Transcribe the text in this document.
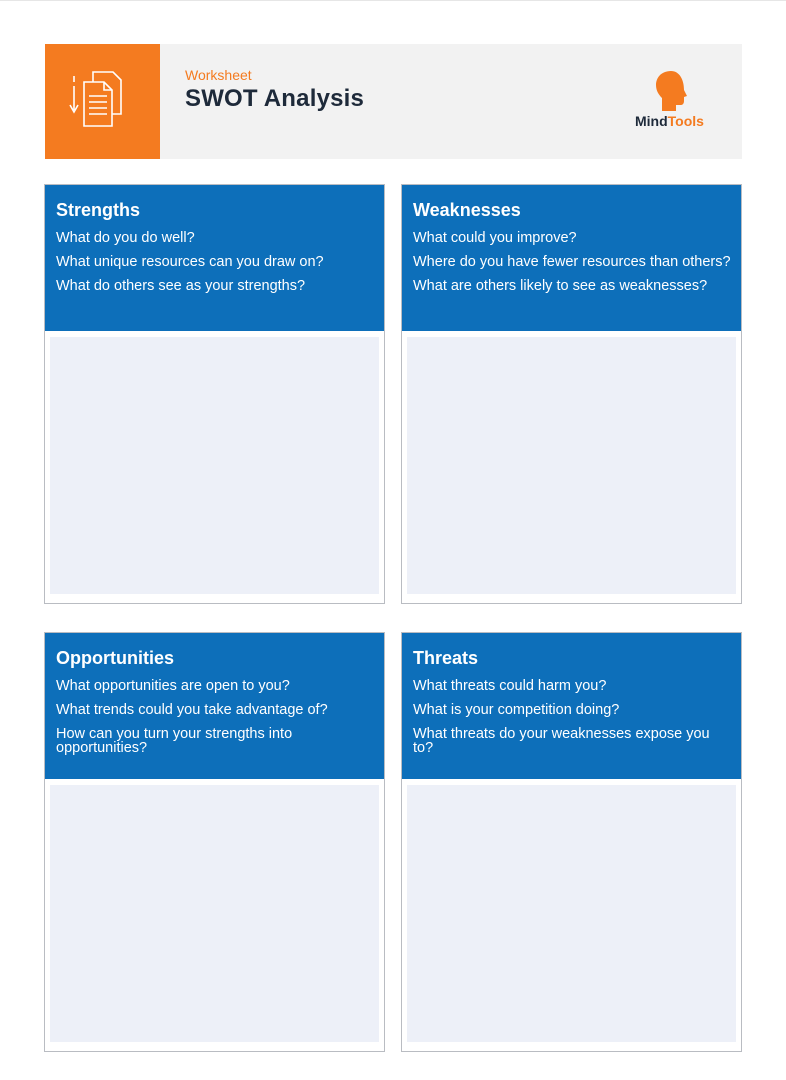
Worksheet
SWOT Analysis
MindTools
Strengths
What do you do well?
What unique resources can you draw on?
What do others see as your strengths?
Weaknesses
What could you improve?
Where do you have fewer resources than others?
What are others likely to see as weaknesses?
Opportunities
What opportunities are open to you?
What trends could you take advantage of?
How can you turn your strengths into opportunities?
Threats
What threats could harm you?
What is your competition doing?
What threats do your weaknesses expose you to?
